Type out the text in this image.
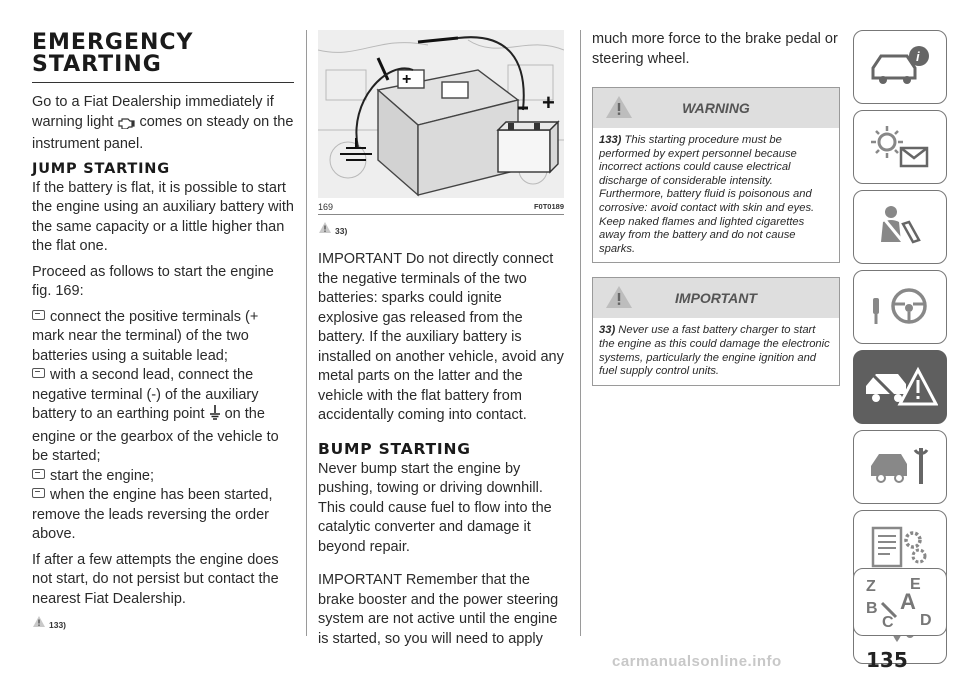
EMERGENCY
STARTING

Go to a Fiat Dealership immediately if warning light  comes on steady on the instrument panel.

JUMP STARTING

If the battery is flat, it is possible to start the engine using an auxiliary battery with the same capacity or a little higher than the flat one.

Proceed as follows to start the engine fig. 169:

connect the positive terminals (+ mark near the terminal) of the two batteries using a suitable lead;
with a second lead, connect the negative terminal (-) of the auxiliary battery to an earthing point  on the engine or the gearbox of the vehicle to be started;
start the engine;
when the engine has been started, remove the leads reversing the order above.

If after a few attempts the engine does not start, do not persist but contact the nearest Fiat Dealership.

133)
+
+
169	F0T0189
33)

IMPORTANT Do not directly connect the negative terminals of the two batteries: sparks could ignite explosive gas released from the battery. If the auxiliary battery is installed on another vehicle, avoid any metal parts on the latter and the vehicle with the flat battery from accidentally coming into contact.

BUMP STARTING

Never bump start the engine by pushing, towing or driving downhill. This could cause fuel to flow into the catalytic converter and damage it beyond repair.

IMPORTANT Remember that the brake booster and the power steering system are not active until the engine is started, so you will need to apply

much more force to the brake pedal or steering wheel.

WARNING
133) This starting procedure must be performed by expert personnel because incorrect actions could cause electrical discharge of considerable intensity. Furthermore, battery fluid is poisonous and corrosive: avoid contact with skin and eyes. Keep naked flames and lighted cigarettes away from the battery and do not cause sparks.
IMPORTANT
33) Never use a fast battery charger to start the engine as this could damage the electronic systems, particularly the engine ignition and fuel supply control units.
i
Z E
A
B
C D
carmanualsonline.info	135
